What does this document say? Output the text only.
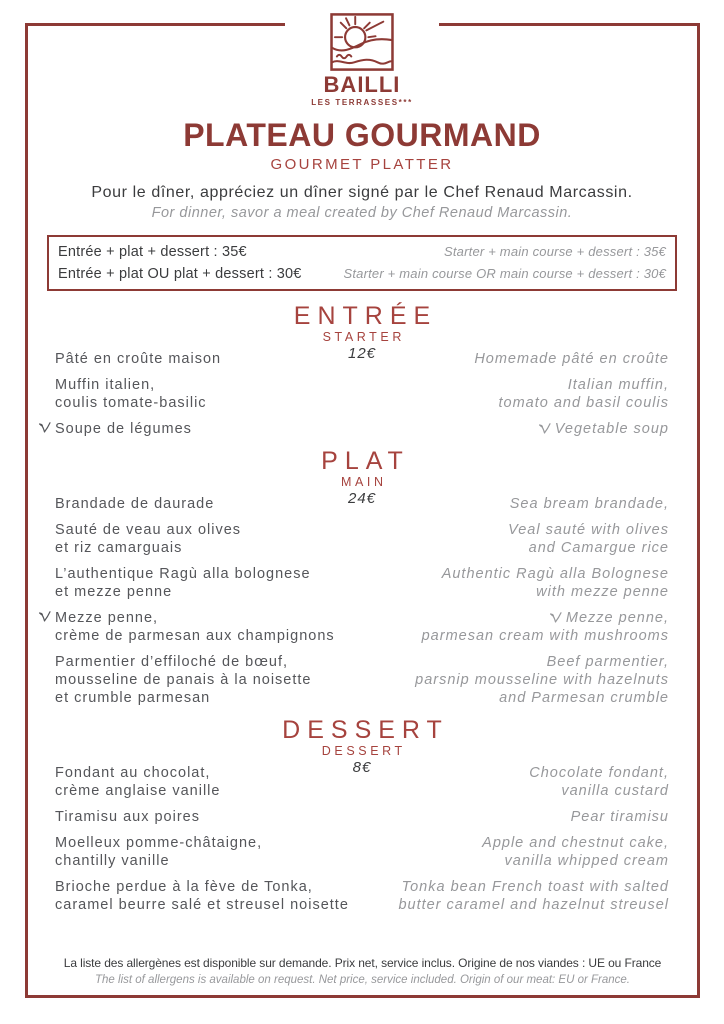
BAILLI
LES TERRASSES***
PLATEAU GOURMAND
GOURMET PLATTER

Pour le dîner, appréciez un dîner signé par le Chef Renaud Marcassin.

For dinner, savor a meal created by Chef Renaud Marcassin.

Entrée + plat + dessert : 35€	Starter + main course + dessert : 35€
Entrée + plat OU plat + dessert : 30€	Starter + main course OR main course + dessert : 30€
ENTRÉE
STARTER
12€
Pâté en croûte maison	Homemade pâté en croûte
Muffin italien,
coulis tomate-basilic
Italian muffin,
tomato and basil coulis
Soupe de légumes	Vegetable soup
PLAT
MAIN
24€
Brandade de daurade	Sea bream brandade,
Sauté de veau aux olives
et riz camarguais
Veal sauté with olives
and Camargue rice
L’authentique Ragù alla bolognese
et mezze penne
Authentic Ragù alla Bolognese
with mezze penne
Mezze penne,
crème de parmesan aux champignons
Mezze penne,
parmesan cream with mushrooms
Parmentier d’effiloché de bœuf,
mousseline de panais à la noisette
et crumble parmesan
Beef parmentier,
parsnip mousseline with hazelnuts
and Parmesan crumble
DESSERT
DESSERT
8€
Fondant au chocolat,
crème anglaise vanille
Chocolate fondant,
vanilla custard
Tiramisu aux poires	Pear tiramisu
Moelleux pomme-châtaigne,
chantilly vanille
Apple and chestnut cake,
vanilla whipped cream
Brioche perdue à la fève de Tonka,
caramel beurre salé et streusel noisette
Tonka bean French toast with salted
butter caramel and hazelnut streusel
La liste des allergènes est disponible sur demande. Prix net, service inclus. Origine de nos viandes : UE ou France
The list of allergens is available on request. Net price, service included. Origin of our meat: EU or France.
